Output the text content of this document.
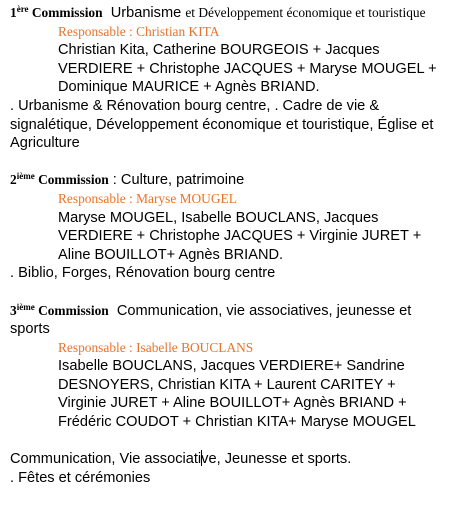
1ère Commission Urbanisme et Développement économique et touristique
Responsable : Christian KITA
Christian Kita, Catherine BOURGEOIS + Jacques VERDIERE + Christophe JACQUES + Maryse MOUGEL + Dominique MAURICE + Agnès BRIAND.
. Urbanisme & Rénovation bourg centre, . Cadre de vie & signalétique, Développement économique et touristique, Église et Agriculture
2ième Commission : Culture, patrimoine
Responsable : Maryse MOUGEL
Maryse MOUGEL, Isabelle BOUCLANS, Jacques VERDIERE + Christophe JACQUES + Virginie JURET + Aline BOUILLOT+ Agnès BRIAND.
. Biblio, Forges, Rénovation bourg centre
3ième Commission Communication, vie associatives, jeunesse et sports
Responsable : Isabelle BOUCLANS
Isabelle BOUCLANS, Jacques VERDIERE+ Sandrine DESNOYERS, Christian KITA + Laurent CARITEY + Virginie JURET + Aline BOUILLOT+ Agnès BRIAND + Frédéric COUDOT + Christian KITA+ Maryse MOUGEL
Communication, Vie associative, Jeunesse et sports.
. Fêtes et cérémonies
